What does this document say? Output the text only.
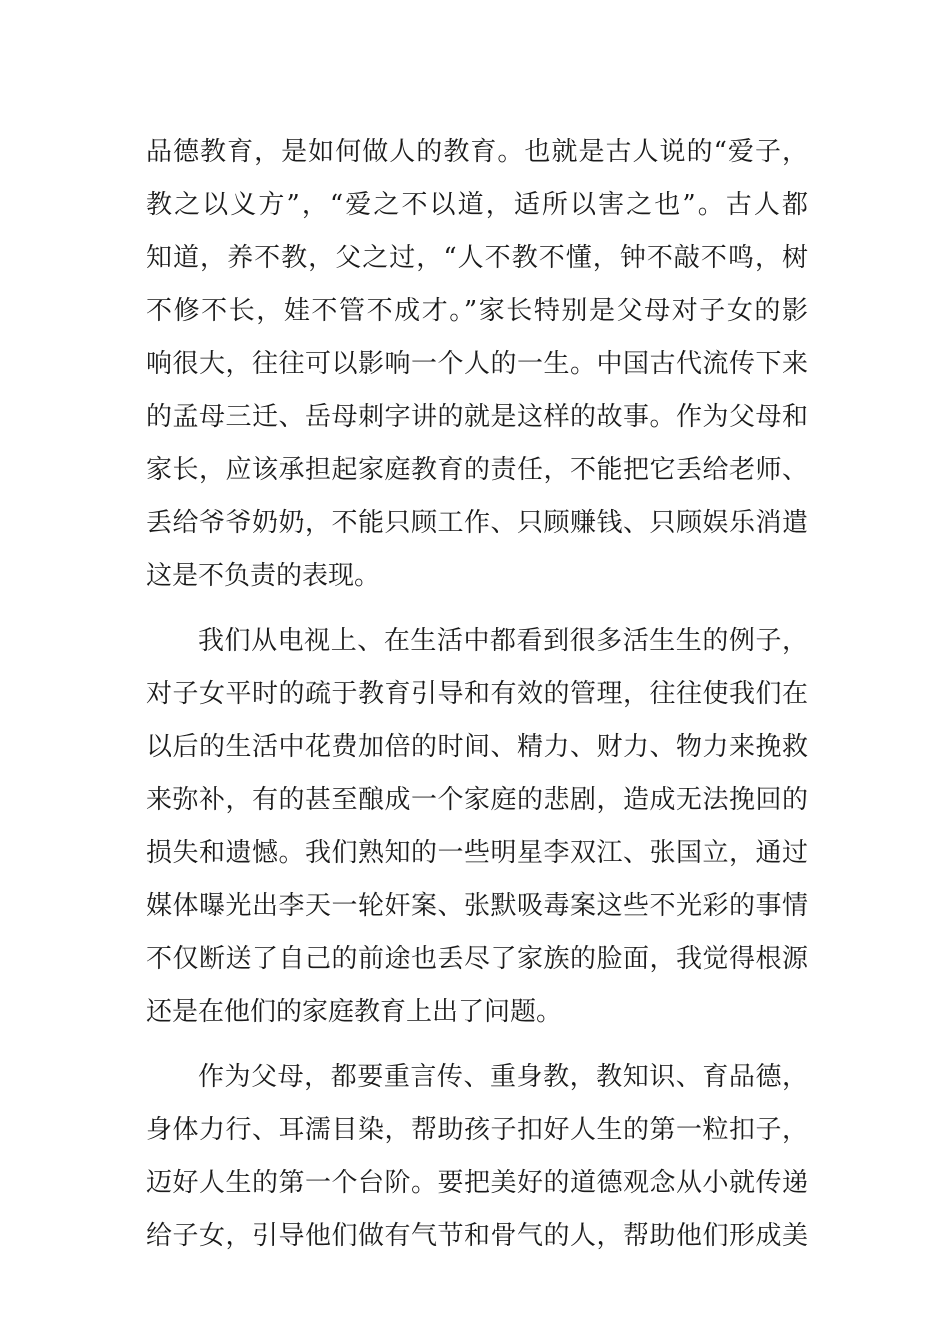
品德教育，是如何做人的教育。也就是古人说的“爱子，
教之以义方”，“爱之不以道，适所以害之也”。古人都
知道，养不教，父之过，“人不教不懂，钟不敲不鸣，树
不修不长，娃不管不成才。”家长特别是父母对子女的影
响很大，往往可以影响一个人的一生。中国古代流传下来
的孟母三迁、岳母刺字讲的就是这样的故事。作为父母和
家长，应该承担起家庭教育的责任，不能把它丢给老师、
丢给爷爷奶奶，不能只顾工作、只顾赚钱、只顾娱乐消遣
这是不负责的表现。
我们从电视上、在生活中都看到很多活生生的例子，
对子女平时的疏于教育引导和有效的管理，往往使我们在
以后的生活中花费加倍的时间、精力、财力、物力来挽救
来弥补，有的甚至酿成一个家庭的悲剧，造成无法挽回的
损失和遗憾。我们熟知的一些明星李双江、张国立，通过
媒体曝光出李天一轮奸案、张默吸毒案这些不光彩的事情
不仅断送了自己的前途也丢尽了家族的脸面，我觉得根源
还是在他们的家庭教育上出了问题。
作为父母，都要重言传、重身教，教知识、育品德，
身体力行、耳濡目染，帮助孩子扣好人生的第一粒扣子，
迈好人生的第一个台阶。要把美好的道德观念从小就传递
给子女，引导他们做有气节和骨气的人，帮助他们形成美
